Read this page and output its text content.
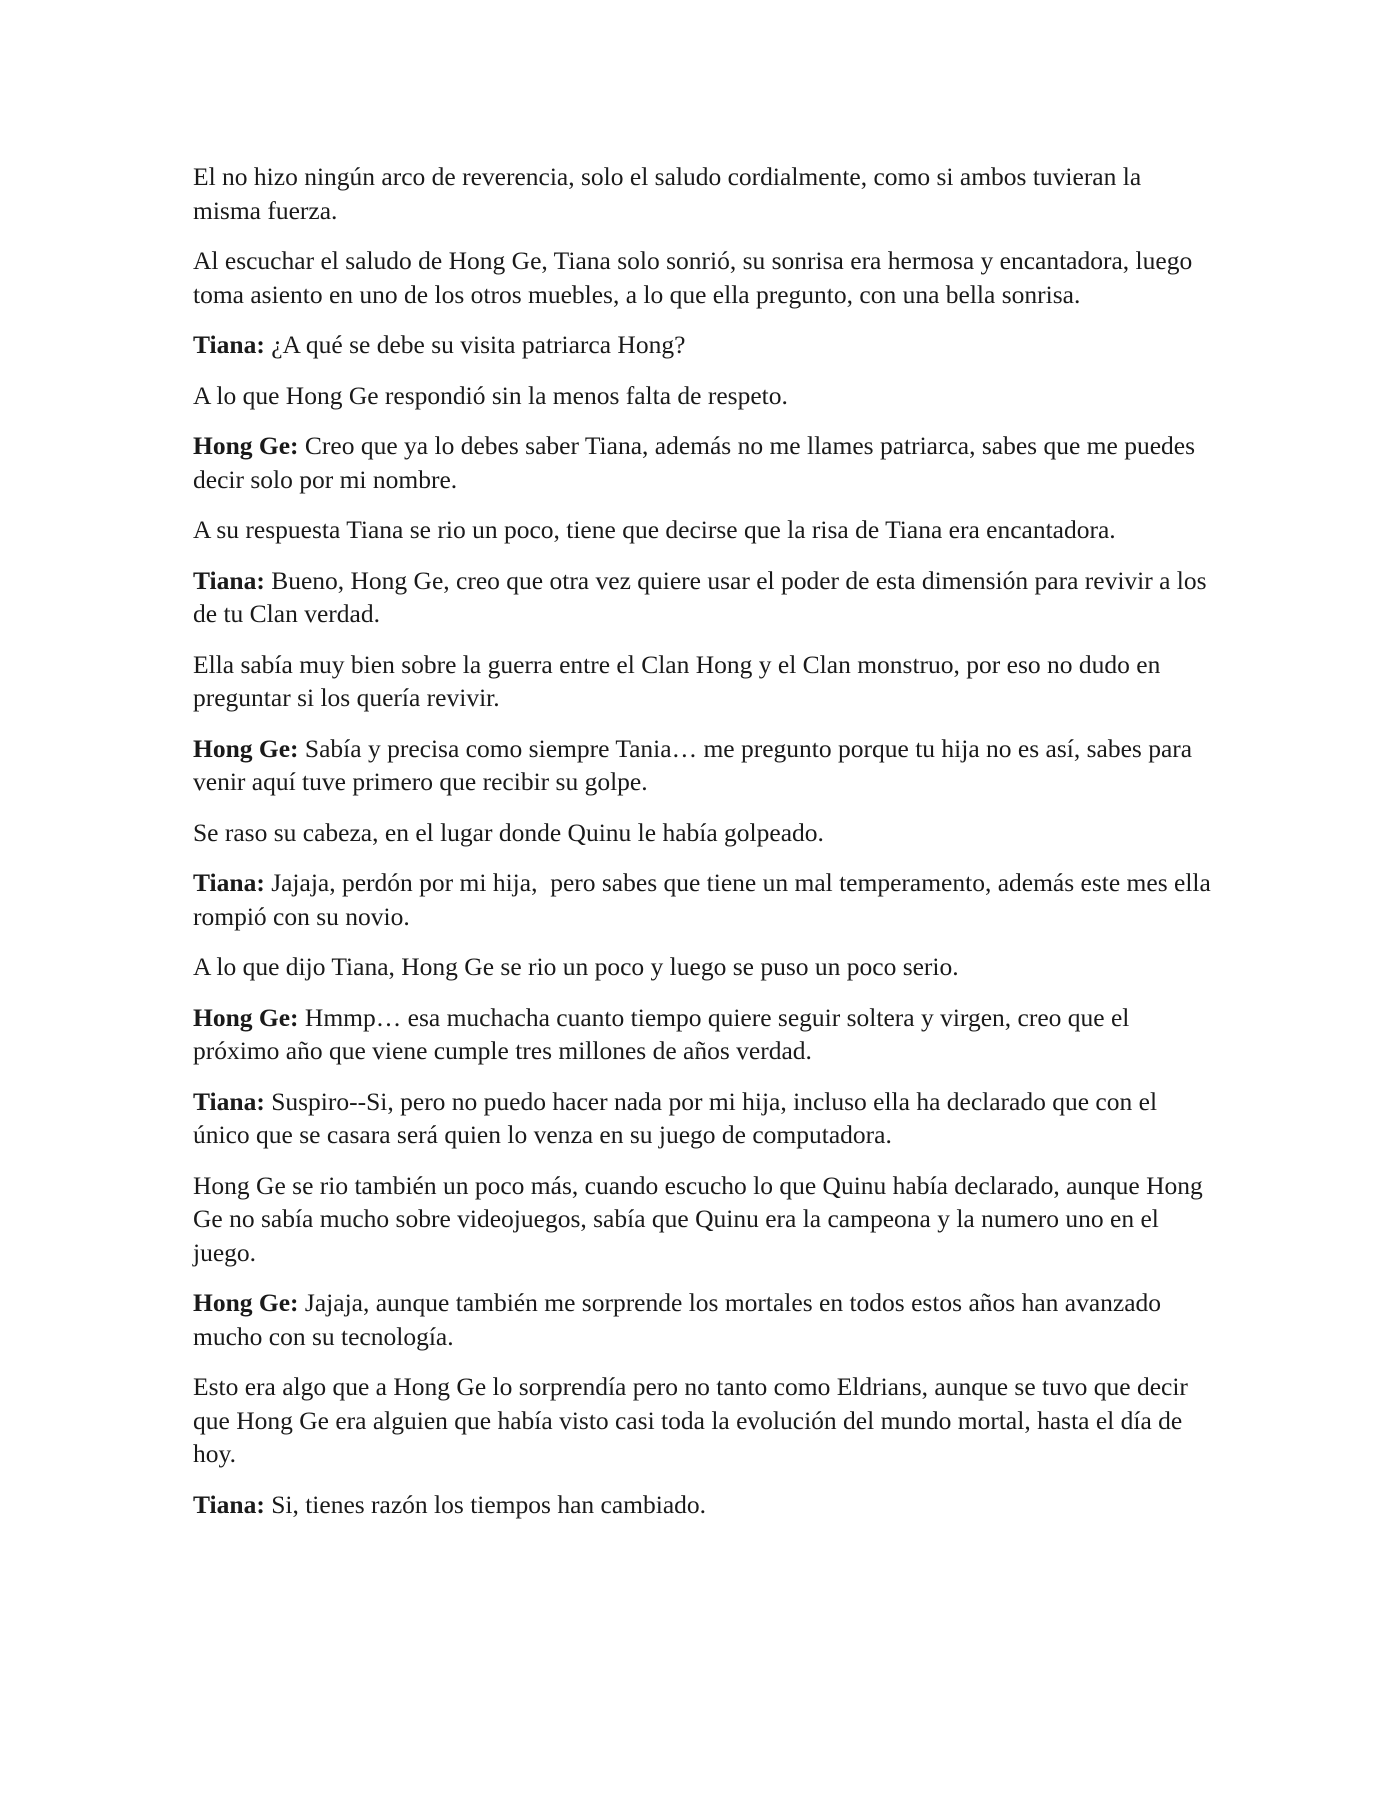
El no hizo ningún arco de reverencia, solo el saludo cordialmente, como si ambos tuvieran la misma fuerza.

Al escuchar el saludo de Hong Ge, Tiana solo sonrió, su sonrisa era hermosa y encantadora, luego toma asiento en uno de los otros muebles, a lo que ella pregunto, con una bella sonrisa.

Tiana: ¿A qué se debe su visita patriarca Hong?

A lo que Hong Ge respondió sin la menos falta de respeto.

Hong Ge: Creo que ya lo debes saber Tiana, además no me llames patriarca, sabes que me puedes decir solo por mi nombre.

A su respuesta Tiana se rio un poco, tiene que decirse que la risa de Tiana era encantadora.

Tiana: Bueno, Hong Ge, creo que otra vez quiere usar el poder de esta dimensión para revivir a los de tu Clan verdad.

Ella sabía muy bien sobre la guerra entre el Clan Hong y el Clan monstruo, por eso no dudo en preguntar si los quería revivir.

Hong Ge: Sabía y precisa como siempre Tania… me pregunto porque tu hija no es así, sabes para venir aquí tuve primero que recibir su golpe.

Se raso su cabeza, en el lugar donde Quinu le había golpeado.

Tiana: Jajaja, perdón por mi hija,  pero sabes que tiene un mal temperamento, además este mes ella rompió con su novio.

A lo que dijo Tiana, Hong Ge se rio un poco y luego se puso un poco serio.

Hong Ge: Hmmp… esa muchacha cuanto tiempo quiere seguir soltera y virgen, creo que el próximo año que viene cumple tres millones de años verdad.

Tiana: Suspiro--Si, pero no puedo hacer nada por mi hija, incluso ella ha declarado que con el único que se casara será quien lo venza en su juego de computadora.

Hong Ge se rio también un poco más, cuando escucho lo que Quinu había declarado, aunque Hong Ge no sabía mucho sobre videojuegos, sabía que Quinu era la campeona y la numero uno en el juego.

Hong Ge: Jajaja, aunque también me sorprende los mortales en todos estos años han avanzado mucho con su tecnología.

Esto era algo que a Hong Ge lo sorprendía pero no tanto como Eldrians, aunque se tuvo que decir que Hong Ge era alguien que había visto casi toda la evolución del mundo mortal, hasta el día de hoy.

Tiana: Si, tienes razón los tiempos han cambiado.
